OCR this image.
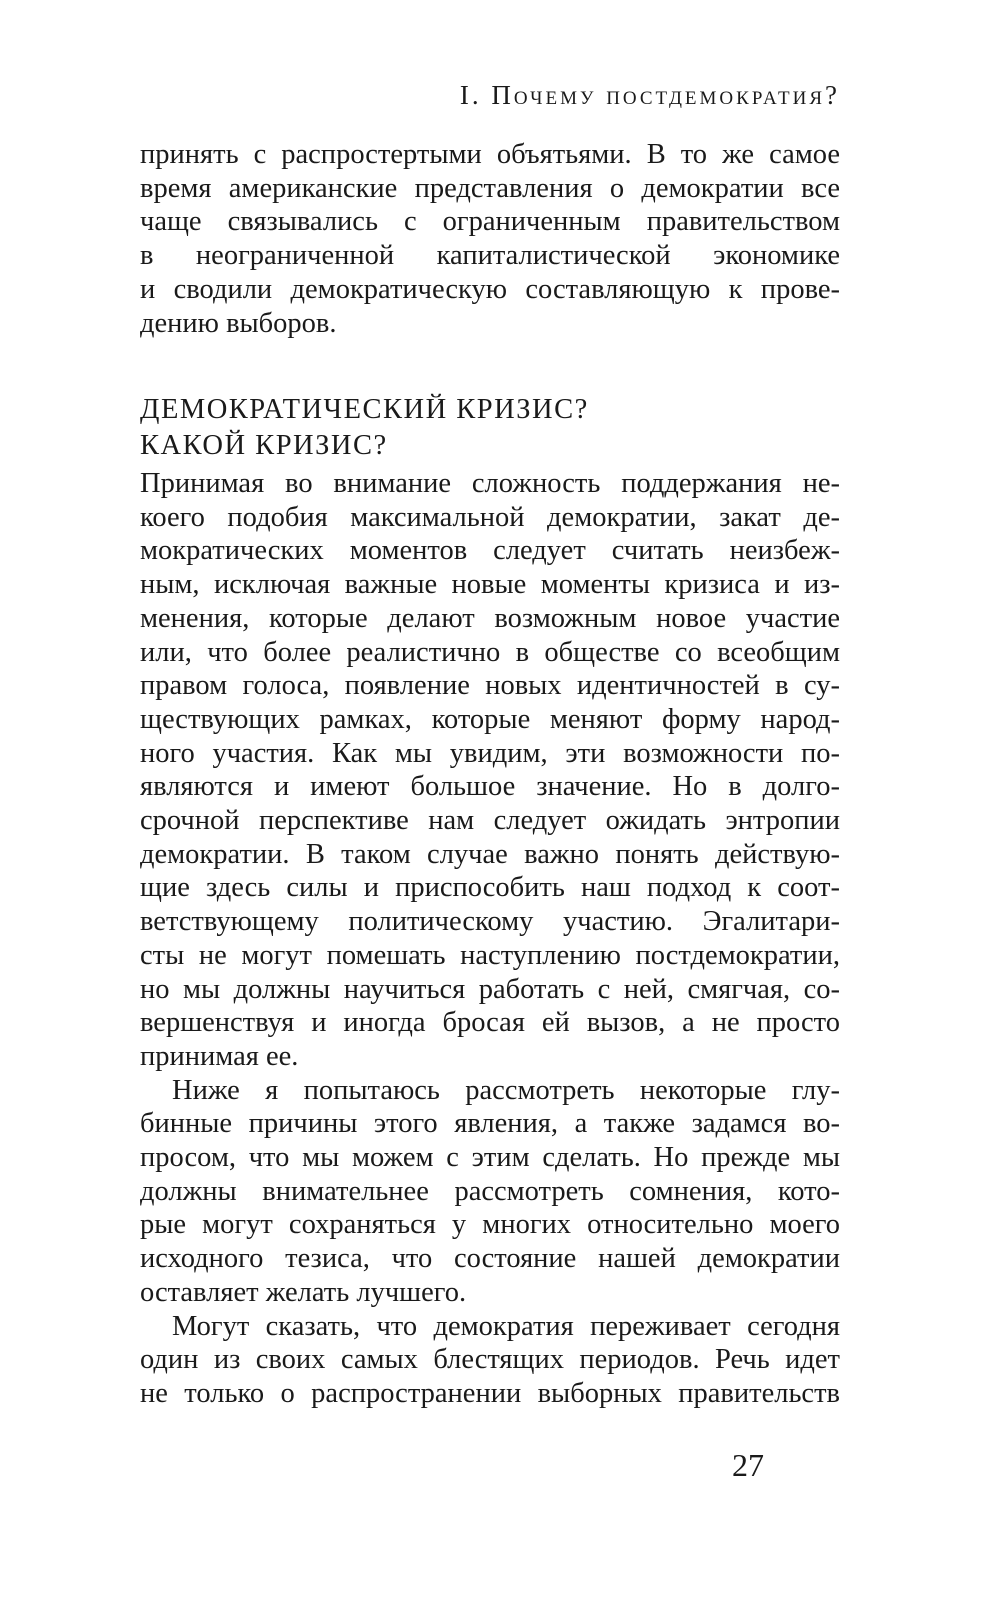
I. Почему постдемократия?
принять с распростертыми объятьями. В то же самое
время американские представления о демократии все
чаще связывались с ограниченным правительством
в неограниченной капиталистической экономике
и сводили демократическую составляющую к прове-
дению выборов.
ДЕМОКРАТИЧЕСКИЙ КРИЗИС?
КАКОЙ КРИЗИС?
Принимая во внимание сложность поддержания не-
коего подобия максимальной демократии, закат де-
мократических моментов следует считать неизбеж-
ным, исключая важные новые моменты кризиса и из-
менения, которые делают возможным новое участие
или, что более реалистично в обществе со всеобщим
правом голоса, появление новых идентичностей в су-
ществующих рамках, которые меняют форму народ-
ного участия. Как мы увидим, эти возможности по-
являются и имеют большое значение. Но в долго-
срочной перспективе нам следует ожидать энтропии
демократии. В таком случае важно понять действую-
щие здесь силы и приспособить наш подход к соот-
ветствующему политическому участию. Эгалитари-
сты не могут помешать наступлению постдемократии,
но мы должны научиться работать с ней, смягчая, со-
вершенствуя и иногда бросая ей вызов, а не просто
принимая ее.
Ниже я попытаюсь рассмотреть некоторые глу-
бинные причины этого явления, а также задамся во-
просом, что мы можем с этим сделать. Но прежде мы
должны внимательнее рассмотреть сомнения, кото-
рые могут сохраняться у многих относительно моего
исходного тезиса, что состояние нашей демократии
оставляет желать лучшего.
Могут сказать, что демократия переживает сегодня
один из своих самых блестящих периодов. Речь идет
не только о распространении выборных правительств
27
